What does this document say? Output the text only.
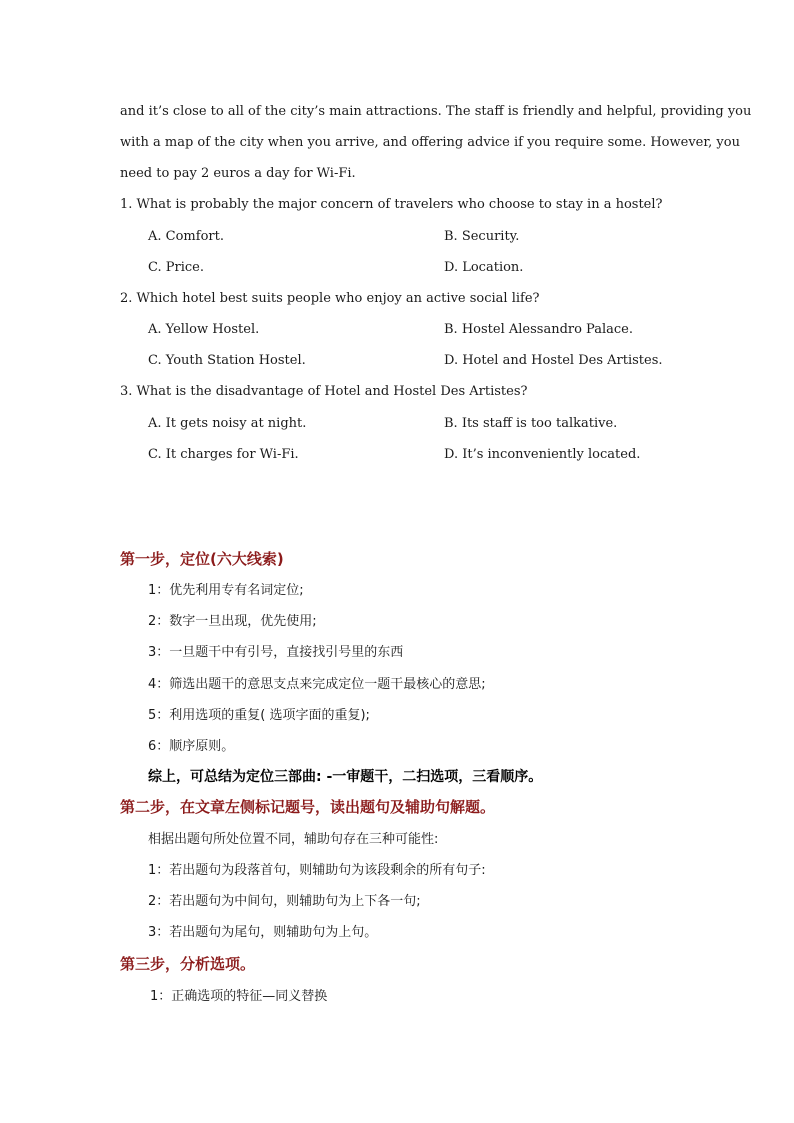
and it’s close to all of the city’s main attractions. The staff is friendly and helpful, providing you
with a map of the city when you arrive, and offering advice if you require some. However, you
need to pay 2 euros a day for Wi-Fi.
1. What is probably the major concern of travelers who choose to stay in a hostel?
A. Comfort.	B. Security.
C. Price.	D. Location.
2. Which hotel best suits people who enjoy an active social life?
A. Yellow Hostel.	B. Hostel Alessandro Palace.
C. Youth Station Hostel.	D. Hotel and Hostel Des Artistes.
3. What is the disadvantage of Hotel and Hostel Des Artistes?
A. It gets noisy at night.	B. Its staff is too talkative.
C. It charges for Wi-Fi.	D. It’s inconveniently located.
第一步，定位(六大线索)
1：优先利用专有名词定位;
2：数字一旦出现，优先使用;
3：一旦题干中有引号，直接找引号里的东西
4：筛选出题干的意思支点来完成定位一题干最核心的意思;
5：利用选项的重复( 选项字面的重复);
6：顺序原则。
综上，可总结为定位三部曲: -一审题干，二扫选项，三看顺序。
第二步，在文章左侧标记题号，读出题句及辅助句解题。
相据出题句所处位置不同，辅助句存在三种可能性:
1：若出题句为段落首句，则辅助句为该段剩余的所有句子:
2：若出题句为中间句，则辅助句为上下各一句;
3：若出题句为尾句，则辅助句为上句。
第三步，分析选项。
1：正确选项的特征—同义替换
